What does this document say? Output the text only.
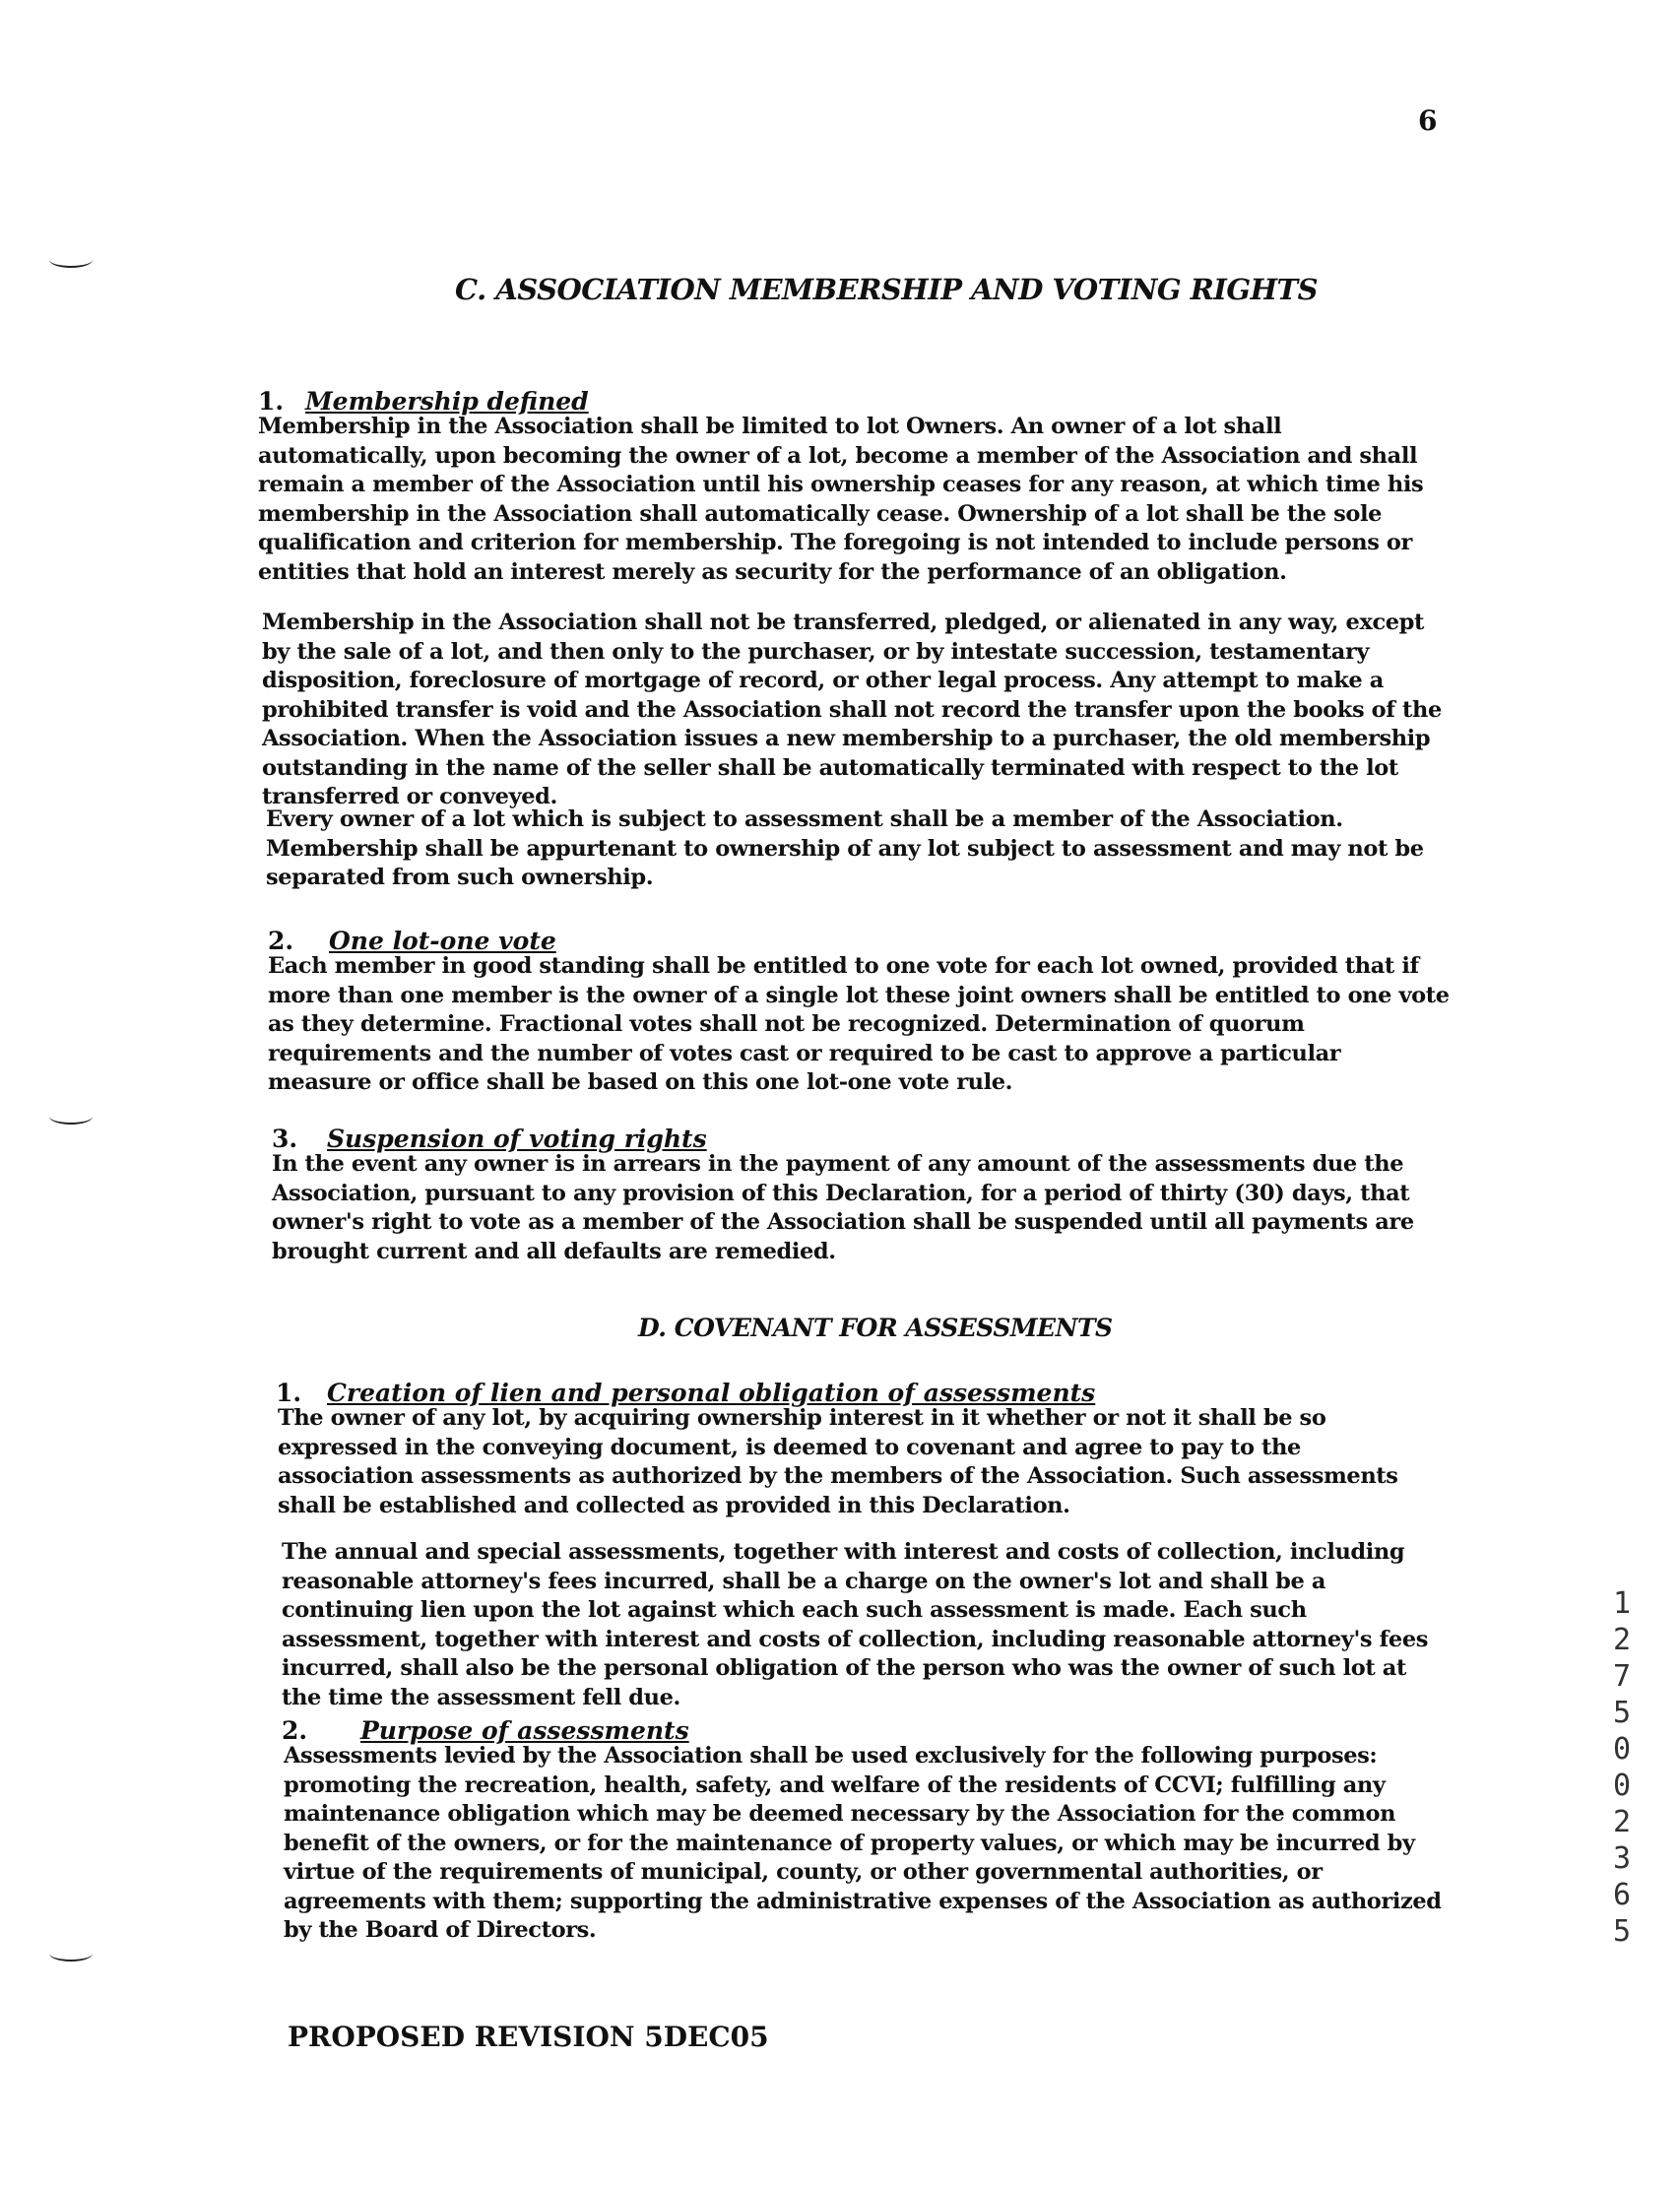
6
C. ASSOCIATION MEMBERSHIP AND VOTING RIGHTS
1. Membership defined

Membership in the Association shall be limited to lot Owners. An owner of a lot shall automatically, upon becoming the owner of a lot, become a member of the Association and shall remain a member of the Association until his ownership ceases for any reason, at which time his membership in the Association shall automatically cease. Ownership of a lot shall be the sole qualification and criterion for membership. The foregoing is not intended to include persons or entities that hold an interest merely as security for the performance of an obligation.

Membership in the Association shall not be transferred, pledged, or alienated in any way, except by the sale of a lot, and then only to the purchaser, or by intestate succession, testamentary disposition, foreclosure of mortgage of record, or other legal process. Any attempt to make a prohibited transfer is void and the Association shall not record the transfer upon the books of the Association. When the Association issues a new membership to a purchaser, the old membership outstanding in the name of the seller shall be automatically terminated with respect to the lot transferred or conveyed.

Every owner of a lot which is subject to assessment shall be a member of the Association. Membership shall be appurtenant to ownership of any lot subject to assessment and may not be separated from such ownership.

2. One lot-one vote

Each member in good standing shall be entitled to one vote for each lot owned, provided that if more than one member is the owner of a single lot these joint owners shall be entitled to one vote as they determine. Fractional votes shall not be recognized. Determination of quorum requirements and the number of votes cast or required to be cast to approve a particular measure or office shall be based on this one lot-one vote rule.

3. Suspension of voting rights

In the event any owner is in arrears in the payment of any amount of the assessments due the Association, pursuant to any provision of this Declaration, for a period of thirty (30) days, that owner's right to vote as a member of the Association shall be suspended until all payments are brought current and all defaults are remedied.

D. COVENANT FOR ASSESSMENTS
1. Creation of lien and personal obligation of assessments

The owner of any lot, by acquiring ownership interest in it whether or not it shall be so expressed in the conveying document, is deemed to covenant and agree to pay to the association assessments as authorized by the members of the Association. Such assessments shall be established and collected as provided in this Declaration.

The annual and special assessments, together with interest and costs of collection, including reasonable attorney's fees incurred, shall be a charge on the owner's lot and shall be a continuing lien upon the lot against which each such assessment is made. Each such assessment, together with interest and costs of collection, including reasonable attorney's fees incurred, shall also be the personal obligation of the person who was the owner of such lot at the time the assessment fell due.

2. Purpose of assessments

Assessments levied by the Association shall be used exclusively for the following purposes: promoting the recreation, health, safety, and welfare of the residents of CCVI; fulfilling any maintenance obligation which may be deemed necessary by the Association for the common benefit of the owners, or for the maintenance of property values, or which may be incurred by virtue of the requirements of municipal, county, or other governmental authorities, or agreements with them; supporting the administrative expenses of the Association as authorized by the Board of Directors.

12750 02365
PROPOSED REVISION 5DEC05
